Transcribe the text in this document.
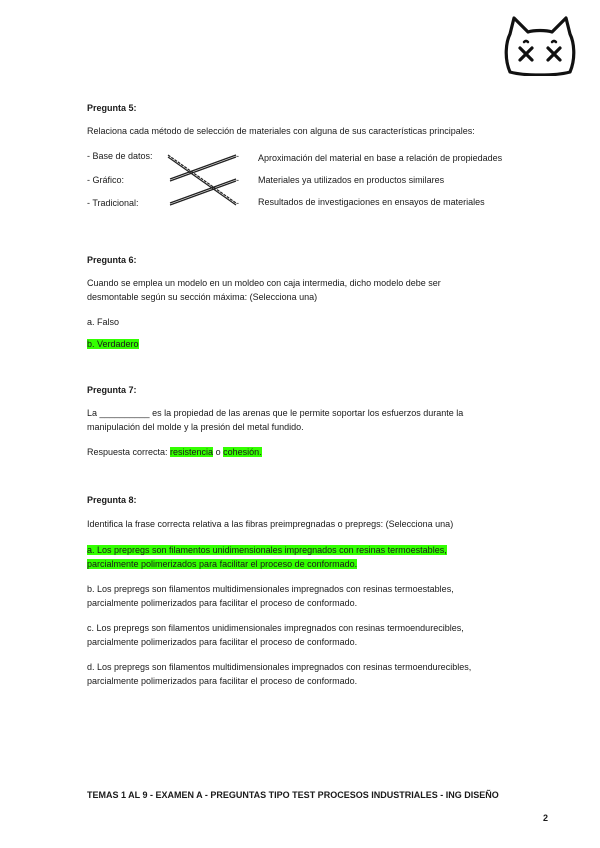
Pregunta 5:
Relaciona cada método de selección de materiales con alguna de sus características principales:
- Base de datos:
- Gráfico:
- Tradicional:
-
-
-
Aproximación del material en base a relación de propiedades
Materiales ya utilizados en productos similares
Resultados de investigaciones en ensayos de materiales
Pregunta 6:
Cuando se emplea un modelo en un moldeo con caja intermedia, dicho modelo debe ser
desmontable según su sección máxima: (Selecciona una)
a. Falso
b. Verdadero
Pregunta 7:
La __________ es la propiedad de las arenas que le permite soportar los esfuerzos durante la
manipulación del molde y la presión del metal fundido.
Respuesta correcta: resistencia o cohesión.
Pregunta 8:
Identifica la frase correcta relativa a las fibras preimpregnadas o prepregs: (Selecciona una)
a. Los prepregs son filamentos unidimensionales impregnados con resinas termoestables,
parcialmente polimerizados para facilitar el proceso de conformado.
b. Los prepregs son filamentos multidimensionales impregnados con resinas termoestables,
parcialmente polimerizados para facilitar el proceso de conformado.
c. Los prepregs son filamentos unidimensionales impregnados con resinas termoendurecibles,
parcialmente polimerizados para facilitar el proceso de conformado.
d. Los prepregs son filamentos multidimensionales impregnados con resinas termoendurecibles,
parcialmente polimerizados para facilitar el proceso de conformado.
TEMAS 1 AL 9 - EXAMEN A - PREGUNTAS TIPO TEST PROCESOS INDUSTRIALES - ING DISEÑO
2
